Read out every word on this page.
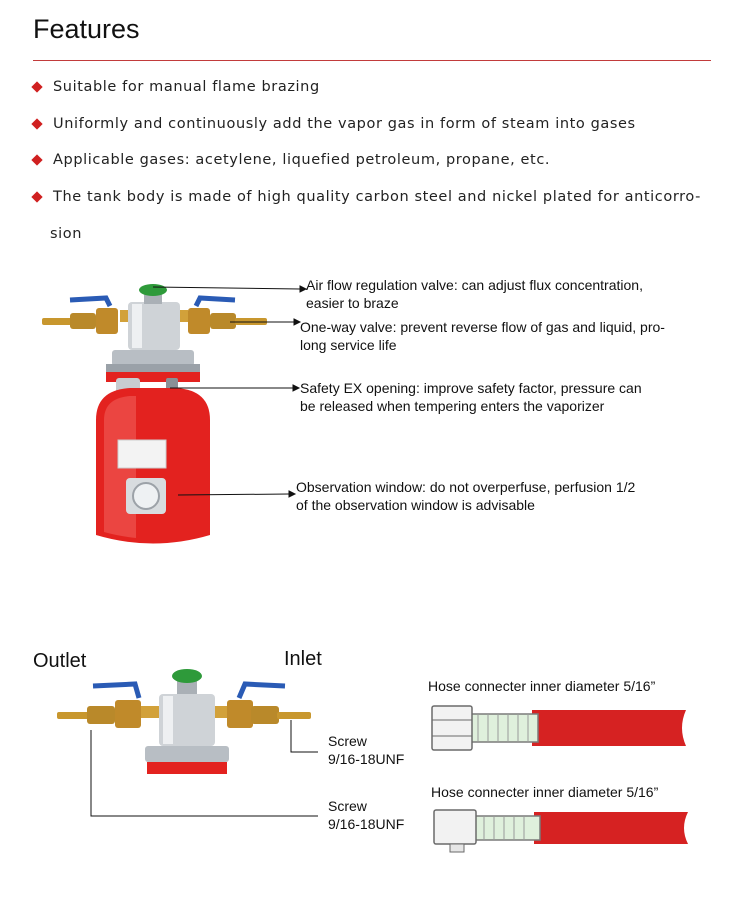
Features
Suitable for manual flame brazing
Uniformly and continuously add the vapor gas in form of steam into gases
Applicable gases: acetylene, liquefied petroleum, propane, etc.
The tank body is made of high quality carbon steel and nickel plated for anticorro-
sion
Air flow regulation valve: can adjust flux concentration,
easier to braze
One-way valve: prevent reverse flow of gas and liquid, pro-
long service life
Safety EX opening: improve safety factor, pressure can
be released when tempering enters the vaporizer
Observation window: do not overperfuse, perfusion 1/2
of the observation window is advisable
Outlet	Inlet
Screw
9/16-18UNF
Screw
9/16-18UNF
Hose connecter inner diameter 5/16”
Hose connecter inner diameter 5/16”
